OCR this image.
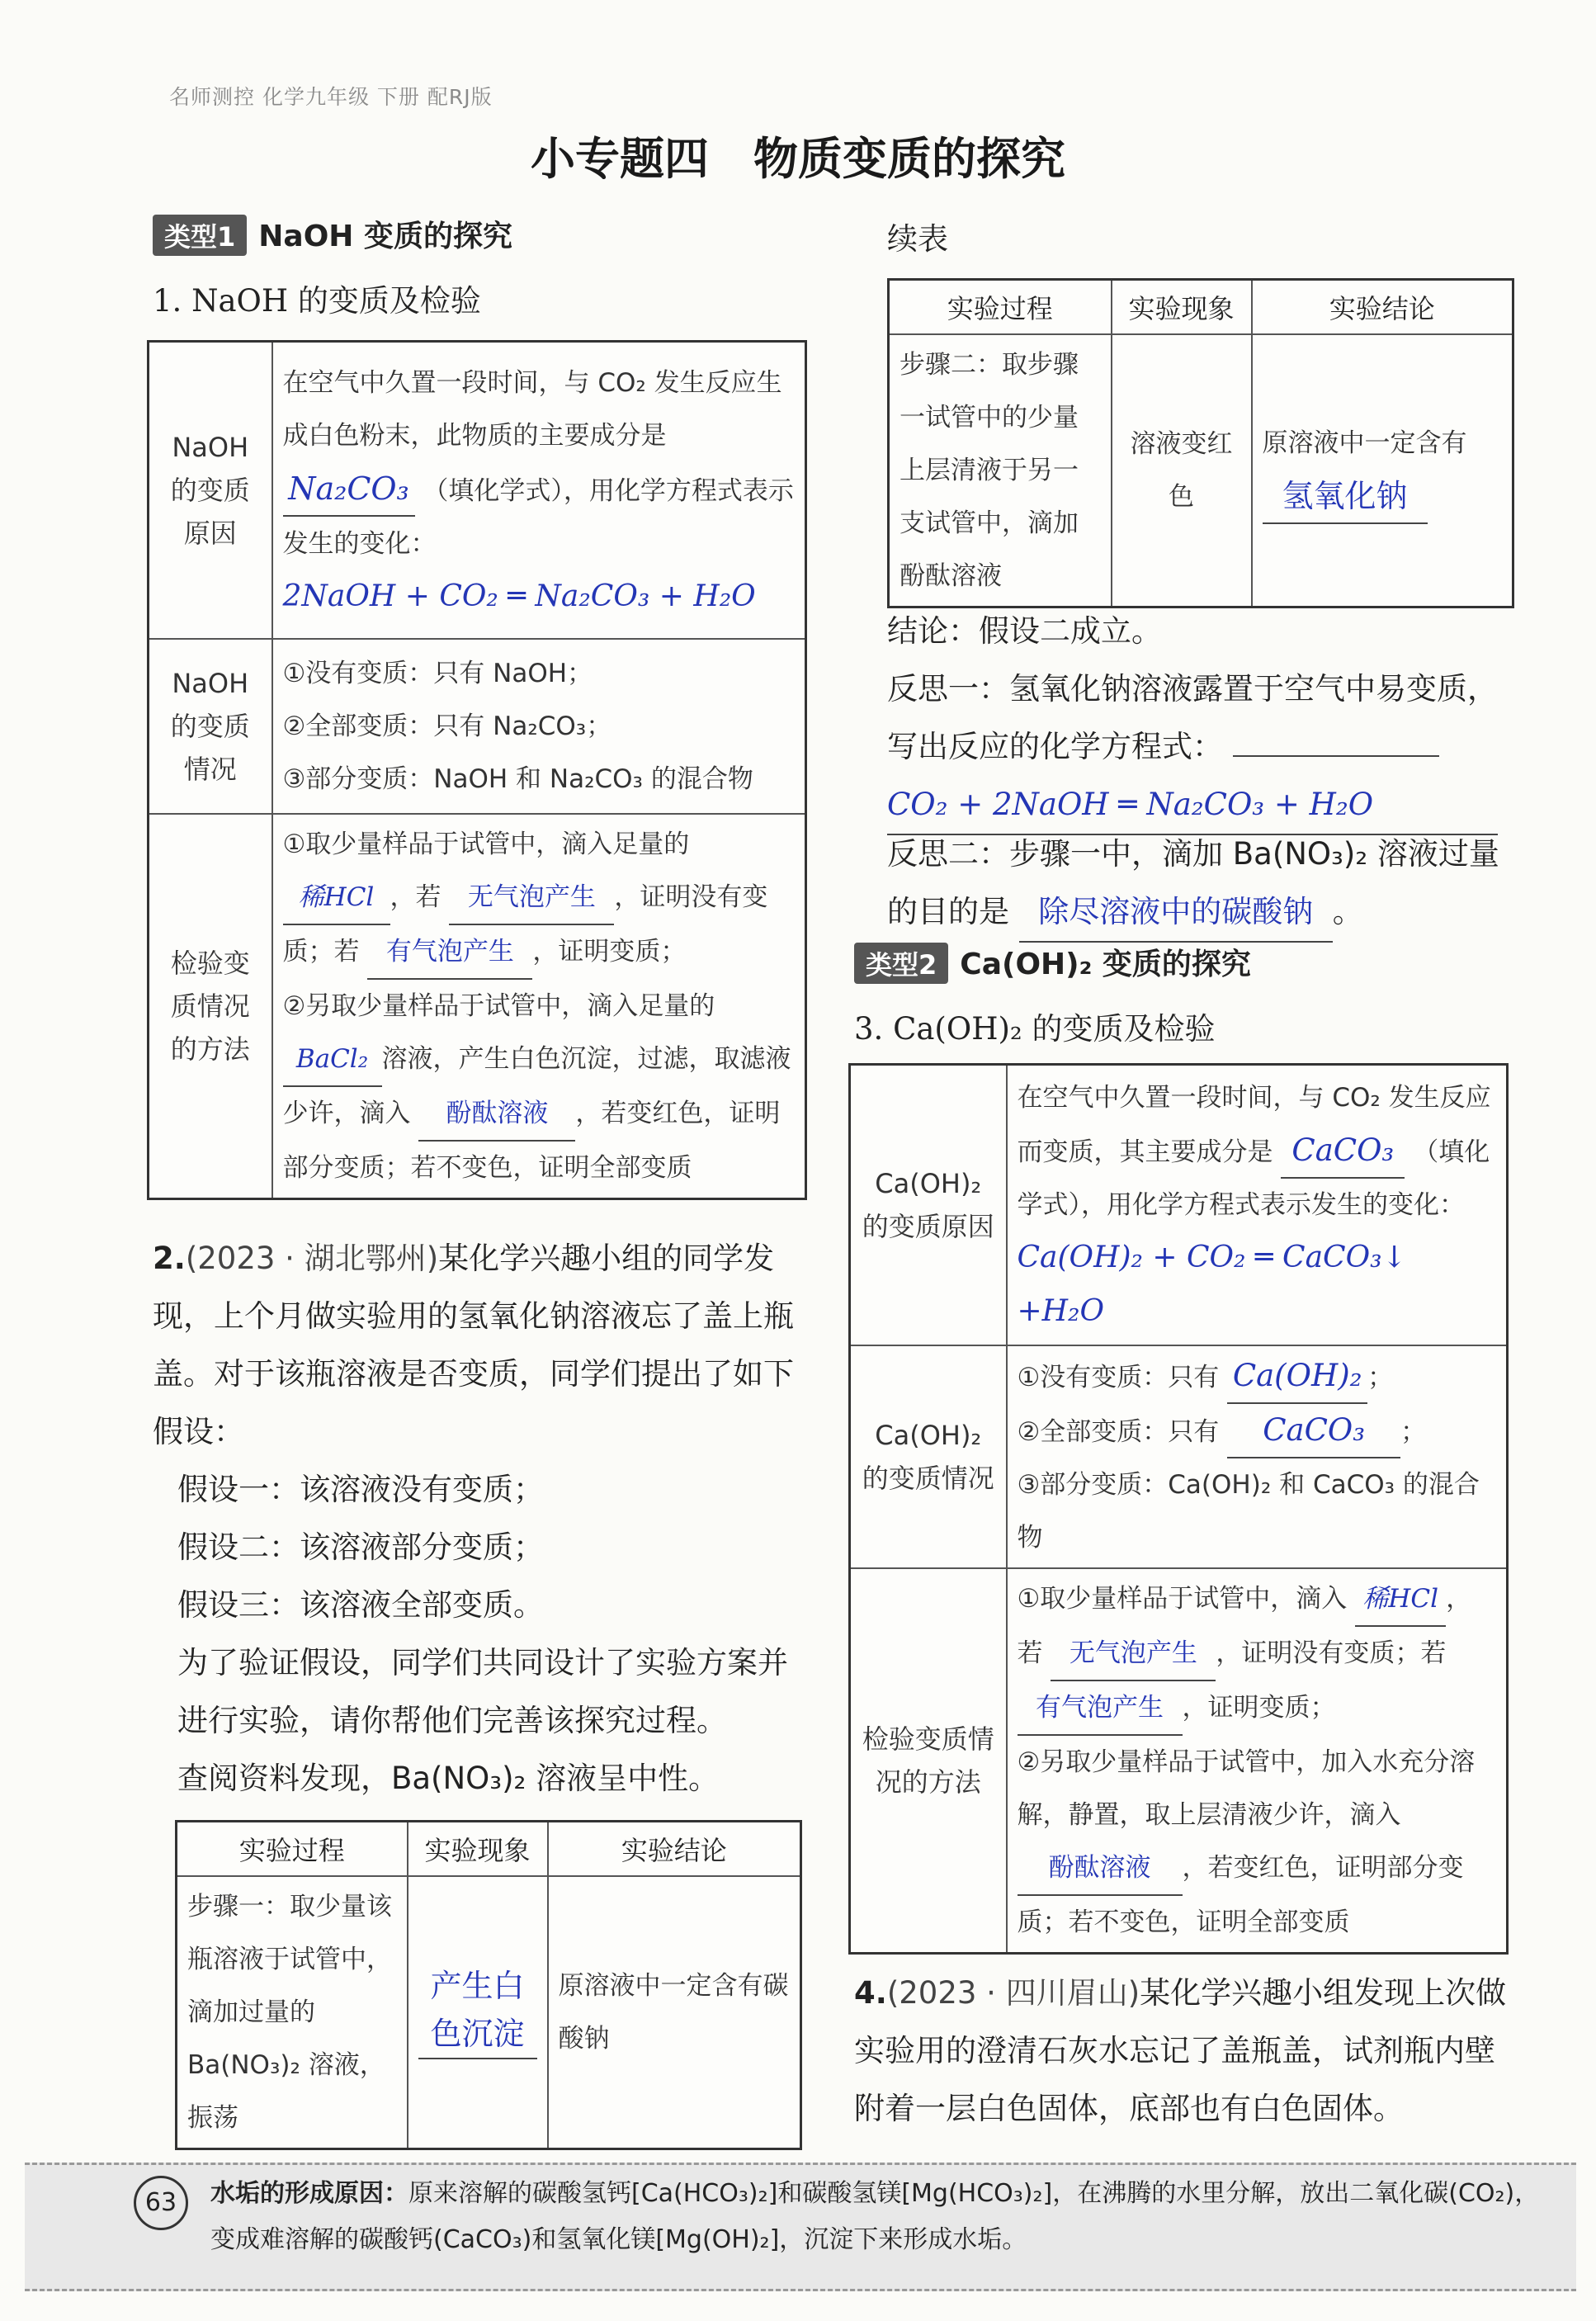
名师测控 化学九年级 下册 配RJ版
小专题四　物质变质的探究
类型1 NaOH 变质的探究
1. NaOH 的变质及检验
NaOH 的变质原因	在空气中久置一段时间，与 CO₂ 发生反应生成白色粉末，此物质的主要成分是 Na₂CO₃ （填化学式），用化学方程式表示发生的变化：
2NaOH + CO₂ ═ Na₂CO₃ + H₂O
NaOH 的变质情况	①没有变质：只有 NaOH；
②全部变质：只有 Na₂CO₃；
③部分变质：NaOH 和 Na₂CO₃ 的混合物

检验变质情况的方法	①取少量样品于试管中，滴入足量的 稀HCl ，若 无气泡产生 ，证明没有变质；若 有气泡产生 ，证明变质；
②另取少量样品于试管中，滴入足量的 BaCl₂ 溶液，产生白色沉淀，过滤，取滤液少许，滴入 酚酞溶液 ，若变红色，证明部分变质；若不变色，证明全部变质
2.(2023 · 湖北鄂州)某化学兴趣小组的同学发现，上个月做实验用的氢氧化钠溶液忘了盖上瓶盖。对于该瓶溶液是否变质，同学们提出了如下假设：
假设一：该溶液没有变质；
假设二：该溶液部分变质；
假设三：该溶液全部变质。
为了验证假设，同学们共同设计了实验方案并进行实验，请你帮他们完善该探究过程。
查阅资料发现，Ba(NO₃)₂ 溶液呈中性。
实验过程	实验现象	实验结论
步骤一：取少量该瓶溶液于试管中，滴加过量的 Ba(NO₃)₂ 溶液，振荡	产生白色沉淀	原溶液中一定含有碳酸钠
续表
实验过程	实验现象	实验结论
步骤二：取步骤一试管中的少量上层清液于另一支试管中，滴加酚酞溶液	溶液变红色	原溶液中一定含有 氢氧化钠
结论：假设二成立。
反思一：氢氧化钠溶液露置于空气中易变质，写出反应的化学方程式：
CO₂ + 2NaOH ═ Na₂CO₃ + H₂O
反思二：步骤一中，滴加 Ba(NO₃)₂ 溶液过量的目的是 除尽溶液中的碳酸钠 。
类型2 Ca(OH)₂ 变质的探究
3. Ca(OH)₂ 的变质及检验
Ca(OH)₂ 的变质原因	在空气中久置一段时间，与 CO₂ 发生反应而变质，其主要成分是 CaCO₃ （填化学式），用化学方程式表示发生的变化： Ca(OH)₂ + CO₂ ═ CaCO₃↓ +H₂O
Ca(OH)₂ 的变质情况	①没有变质：只有 Ca(OH)₂ ；
②全部变质：只有 CaCO₃ ；
③部分变质：Ca(OH)₂ 和 CaCO₃ 的混合物

检验变质情况的方法	①取少量样品于试管中，滴入 稀HCl ，若 无气泡产生 ，证明没有变质；若 有气泡产生 ，证明变质；
②另取少量样品于试管中，加入水充分溶解，静置，取上层清液少许，滴入 酚酞溶液 ，若变红色，证明部分变质；若不变色，证明全部变质
4.(2023 · 四川眉山)某化学兴趣小组发现上次做实验用的澄清石灰水忘记了盖瓶盖，试剂瓶内壁附着一层白色固体，底部也有白色固体。
63	水垢的形成原因：原来溶解的碳酸氢钙[Ca(HCO₃)₂]和碳酸氢镁[Mg(HCO₃)₂]，在沸腾的水里分解，放出二氧化碳(CO₂)，变成难溶解的碳酸钙(CaCO₃)和氢氧化镁[Mg(OH)₂]，沉淀下来形成水垢。
